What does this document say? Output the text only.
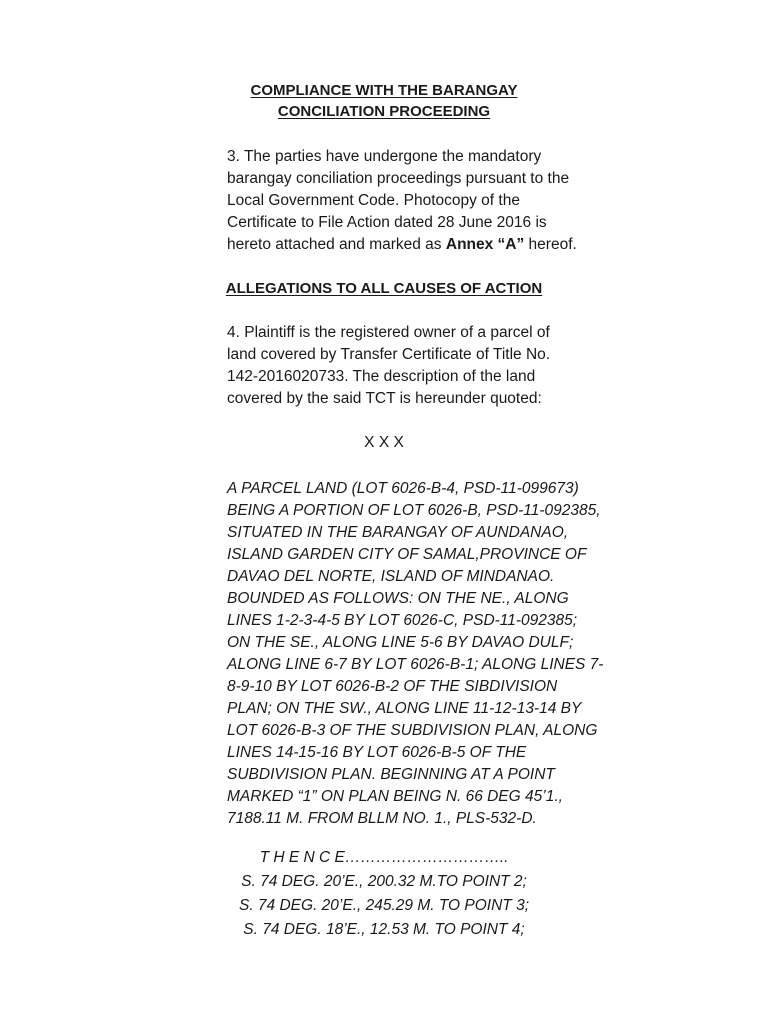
COMPLIANCE WITH THE BARANGAY
CONCILIATION PROCEEDING
3. The parties have undergone the mandatory
barangay conciliation proceedings pursuant to the
Local Government Code. Photocopy of the
Certificate to File Action dated 28 June 2016 is
hereto attached and marked as Annex “A” hereof.
ALLEGATIONS TO ALL CAUSES OF ACTION
4. Plaintiff is the registered owner of a parcel of
land covered by Transfer Certificate of Title No.
142-2016020733. The description of the land
covered by the said TCT is hereunder quoted:
X X X
A PARCEL LAND (LOT 6026-B-4, PSD-11-099673)
BEING A PORTION OF LOT 6026-B, PSD-11-092385,
SITUATED IN THE BARANGAY OF AUNDANAO,
ISLAND GARDEN CITY OF SAMAL,PROVINCE OF
DAVAO DEL NORTE, ISLAND OF MINDANAO.
BOUNDED AS FOLLOWS: ON THE NE., ALONG
LINES 1-2-3-4-5 BY LOT 6026-C, PSD-11-092385;
ON THE SE., ALONG LINE 5-6 BY DAVAO DULF;
ALONG LINE 6-7 BY LOT 6026-B-1; ALONG LINES 7-
8-9-10 BY LOT 6026-B-2 OF THE SIBDIVISION
PLAN; ON THE SW., ALONG LINE 11-12-13-14 BY
LOT 6026-B-3 OF THE SUBDIVISION PLAN, ALONG
LINES 14-15-16 BY LOT 6026-B-5 OF THE
SUBDIVISION PLAN. BEGINNING AT A POINT
MARKED “1” ON PLAN BEING N. 66 DEG 45’1.,
7188.11 M. FROM BLLM NO. 1., PLS-532-D.
T H E N C E…………………………..
S. 74 DEG. 20’E., 200.32 M.TO POINT 2;
S. 74 DEG. 20’E., 245.29 M. TO POINT 3;
S. 74 DEG. 18’E., 12.53 M. TO POINT 4;
